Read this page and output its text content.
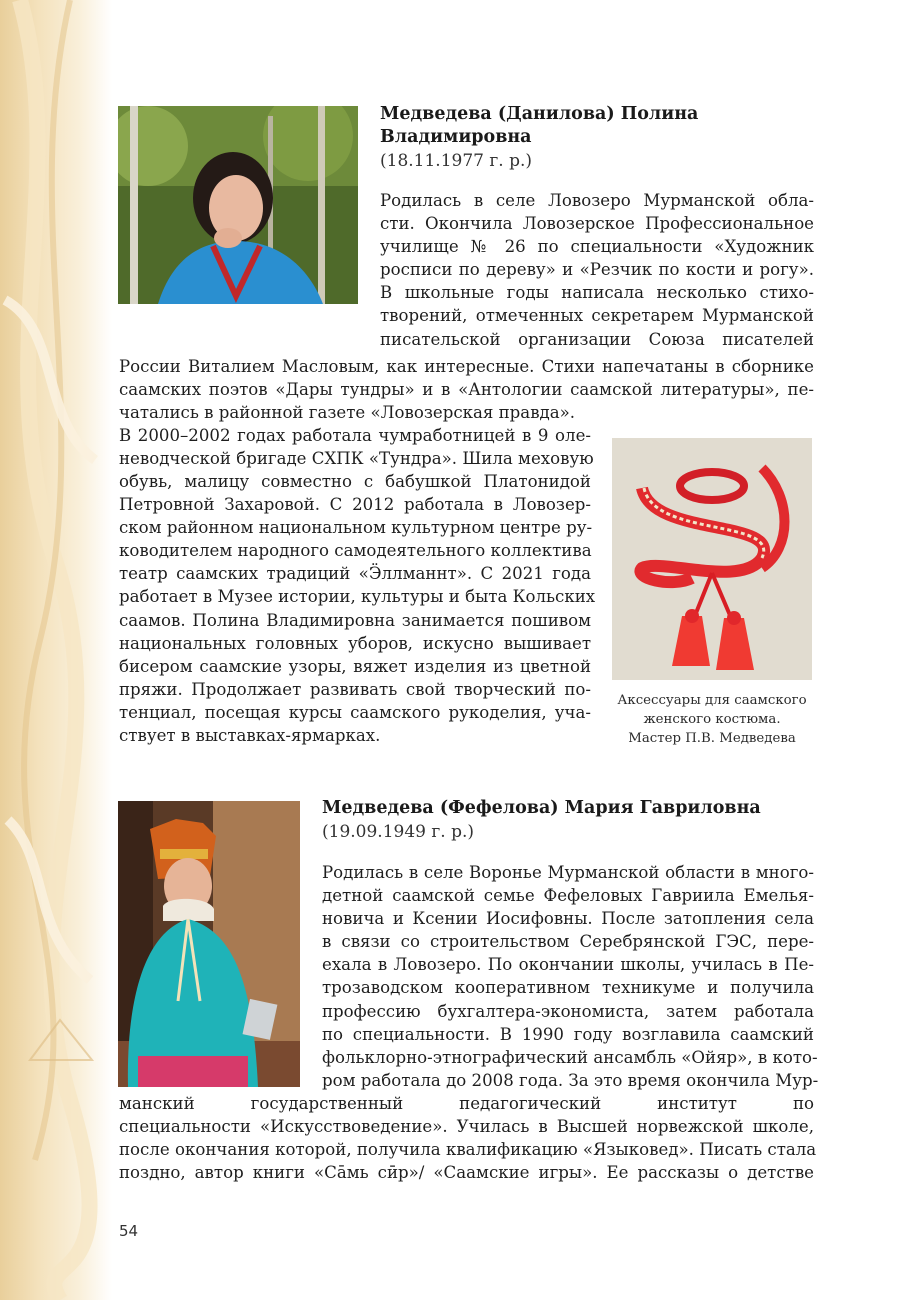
Медведева (Данилова) Полина
Владимировна
(18.11.1977 г. р.)
Родилась в селе Ловозеро Мурманской обла-
сти. Окончила Ловозерское Профессиональное
училище № 26 по специальности «Художник
росписи по дереву» и «Резчик по кости и рогу».
В школьные годы написала несколько стихо-
творений, отмеченных секретарем Мурманской
писательской организации Союза писателей
России Виталием Масловым, как интересные. Стихи напечатаны в сборнике
саамских поэтов «Дары тундры» и в «Антологии саамской литературы», пе-
чатались в районной газете «Ловозерская правда».
В 2000–2002 годах работала чумработницей в 9 оле-
неводческой бригаде СХПК «Тундра». Шила меховую
обувь, малицу совместно с бабушкой Платонидой
Петровной Захаровой. С 2012 работала в Ловозер-
ском районном национальном культурном центре ру-
ководителем народного самодеятельного коллектива
театр саамских традиций «Ӭллманнт». С 2021 года
работает в Музее истории, культуры и быта Кольских
саамов. Полина Владимировна занимается пошивом
национальных головных уборов, искусно вышивает
бисером саамские узоры, вяжет изделия из цветной
пряжи. Продолжает развивать свой творческий по-
тенциал, посещая курсы саамского рукоделия, уча-
ствует в выставках-ярмарках.
Аксессуары для саамского
женского костюма.
Мастер П.В. Медведева
Медведева (Фефелова) Мария Гавриловна
(19.09.1949 г. р.)
Родилась в селе Воронье Мурманской области в много-
детной саамской семье Фефеловых Гавриила Емелья-
новича и Ксении Иосифовны. После затопления села
в связи со строительством Серебрянской ГЭС, пере-
ехала в Ловозеро. По окончании школы, училась в Пе-
трозаводском кооперативном техникуме и получила
профессию бухгалтера-экономиста, затем работала
по специальности. В 1990 году возглавила саамский
фольклорно-этнографический ансамбль «Ойяр», в кото-
ром работала до 2008 года. За это время окончила Мур-
манский государственный педагогический институт по
специальности «Искусствоведение». Училась в Высшей норвежской школе,
после окончания которой, получила квалификацию «Языковед». Писать стала
поздно, автор книги «Са̄мь сӣр»/ «Саамские игры». Ее рассказы о детстве
54
